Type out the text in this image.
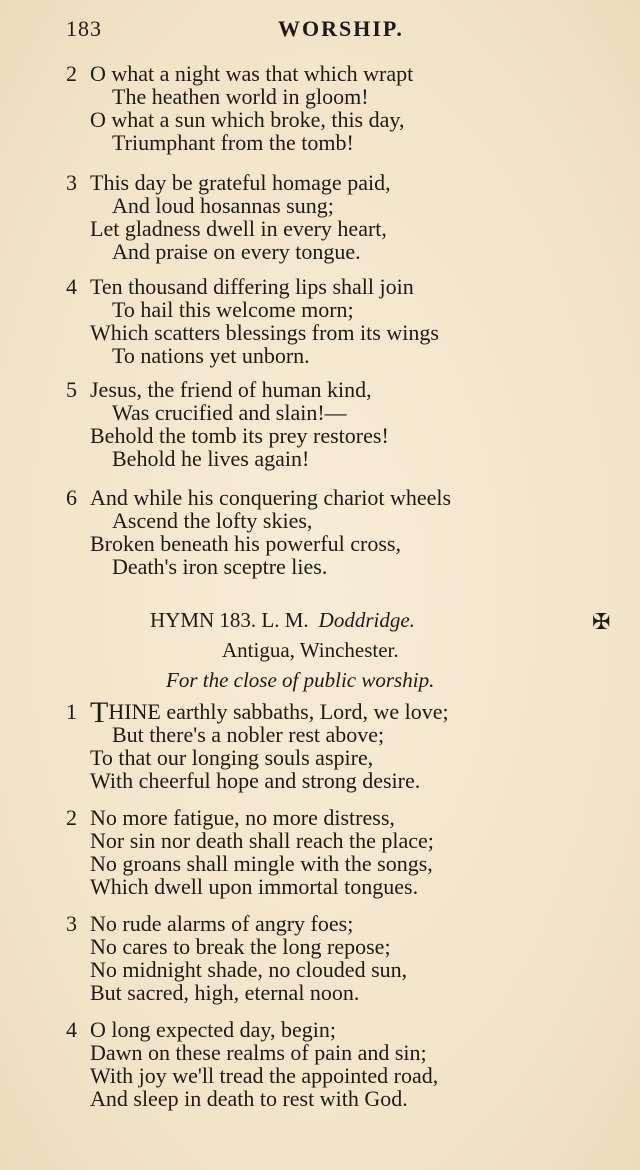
183	WORSHIP.
2 O what a night was that which wrapt
The heathen world in gloom!
O what a sun which broke, this day,
Triumphant from the tomb!
3 This day be grateful homage paid,
And loud hosannas sung;
Let gladness dwell in every heart,
And praise on every tongue.
4 Ten thousand differing lips shall join
To hail this welcome morn;
Which scatters blessings from its wings
To nations yet unborn.
5 Jesus, the friend of human kind,
Was crucified and slain!—
Behold the tomb its prey restores!
Behold he lives again!
6 And while his conquering chariot wheels
Ascend the lofty skies,
Broken beneath his powerful cross,
Death's iron sceptre lies.
HYMN 183. L. M. Doddridge.	✠
Antigua, Winchester.
For the close of public worship.
1 THINE earthly sabbaths, Lord, we love;
But there's a nobler rest above;
To that our longing souls aspire,
With cheerful hope and strong desire.
2 No more fatigue, no more distress,
Nor sin nor death shall reach the place;
No groans shall mingle with the songs,
Which dwell upon immortal tongues.
3 No rude alarms of angry foes;
No cares to break the long repose;
No midnight shade, no clouded sun,
But sacred, high, eternal noon.
4 O long expected day, begin;
Dawn on these realms of pain and sin;
With joy we'll tread the appointed road,
And sleep in death to rest with God.
